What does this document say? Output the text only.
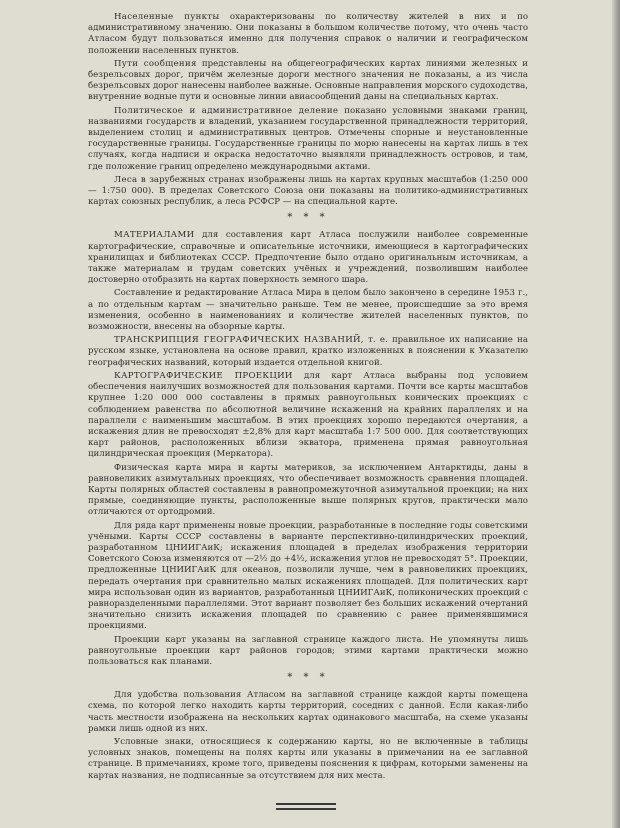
Населенные пункты охарактеризованы по количеству жителей в них и по административному значению. Они показаны в большом количестве потому, что очень часто Атласом будут пользоваться именно для получения справок о наличии и географическом положении населенных пунктов.

Пути сообщения представлены на общегеографических картах линиями железных и безрельсовых дорог, причём железные дороги местного значения не показаны, а из числа безрельсовых дорог нанесены наиболее важные. Основные направления морского судоходства, внутренние водные пути и основные линии авиасообщений даны на специальных картах.

Политическое и административное деление показано условными знаками границ, названиями государств и владений, указанием государственной принадлежности территорий, выделением столиц и административных центров. Отмечены спорные и неустановленные государственные границы. Государственные границы по морю нанесены на картах лишь в тех случаях, когда надписи и окраска недостаточно выявляли принадлежность островов, и там, где положение границ определено международными актами.

Леса в зарубежных странах изображены лишь на картах крупных масштабов (1:250 000 — 1:750 000). В пределах Советского Союза они показаны на политико-административных картах союзных республик, а леса РСФСР — на специальной карте.

* * *

МАТЕРИАЛАМИ для составления карт Атласа послужили наиболее современные картографические, справочные и описательные источники, имеющиеся в картографических хранилищах и библиотеках СССР. Предпочтение было отдано оригинальным источникам, а также материалам и трудам советских учёных и учреждений, позволившим наиболее достоверно отобразить на картах поверхность земного шара.

Составление и редактирование Атласа Мира в целом было закончено в середине 1953 г., а по отдельным картам — значительно раньше. Тем не менее, происшедшие за это время изменения, особенно в наименованиях и количестве жителей населенных пунктов, по возможности, внесены на обзорные карты.

ТРАНСКРИПЦИЯ ГЕОГРАФИЧЕСКИХ НАЗВАНИЙ, т. е. правильное их написание на русском языке, установлена на основе правил, кратко изложенных в пояснении к Указателю географических названий, который издается отдельной книгой.

КАРТОГРАФИЧЕСКИЕ ПРОЕКЦИИ для карт Атласа выбраны под условием обеспечения наилучших возможностей для пользования картами. Почти все карты масштабов крупнее 1:20 000 000 составлены в прямых равноугольных конических проекциях с соблюдением равенства по абсолютной величине искажений на крайних параллелях и на параллели с наименьшим масштабом. В этих проекциях хорошо передаются очертания, а искажения длин не превосходят ±2,8% для карт масштаба 1:7 500 000. Для соответствующих карт районов, расположенных вблизи экватора, применена прямая равноугольная цилиндрическая проекция (Меркатора).

Физическая карта мира и карты материков, за исключением Антарктиды, даны в равновеликих азимутальных проекциях, что обеспечивает возможность сравнения площадей. Карты полярных областей составлены в равнопромежуточной азимутальной проекции; на них прямые, соединяющие пункты, расположенные выше полярных кругов, практически мало отличаются от ортодромий.

Для ряда карт применены новые проекции, разработанные в последние годы советскими учёными. Карты СССР составлены в варианте перспективно-цилиндрических проекций, разработанном ЦНИИГАиК; искажения площадей в пределах изображения территории Советского Союза изменяются от —2½ до +4½, искажения углов не превосходят 5°. Проекции, предложенные ЦНИИГАиК для океанов, позволили лучше, чем в равновеликих проекциях, передать очертания при сравнительно малых искажениях площадей. Для политических карт мира использован один из вариантов, разработанный ЦНИИГАиК, поликонических проекций с равноразделенными параллелями. Этот вариант позволяет без больших искажений очертаний значительно снизить искажения площадей по сравнению с ранее применявшимися проекциями.

Проекции карт указаны на заглавной странице каждого листа. Не упомянуты лишь равноугольные проекции карт районов городов; этими картами практически можно пользоваться как планами.

* * *

Для удобства пользования Атласом на заглавной странице каждой карты помещена схема, по которой легко находить карты территорий, соседних с данной. Если какая-либо часть местности изображена на нескольких картах одинакового масштаба, на схеме указаны рамки лишь одной из них.

Условные знаки, относящиеся к содержанию карты, но не включенные в таблицы условных знаков, помещены на полях карты или указаны в примечании на ее заглавной странице. В примечаниях, кроме того, приведены пояснения к цифрам, которыми заменены на картах названия, не подписанные за отсутствием для них места.
